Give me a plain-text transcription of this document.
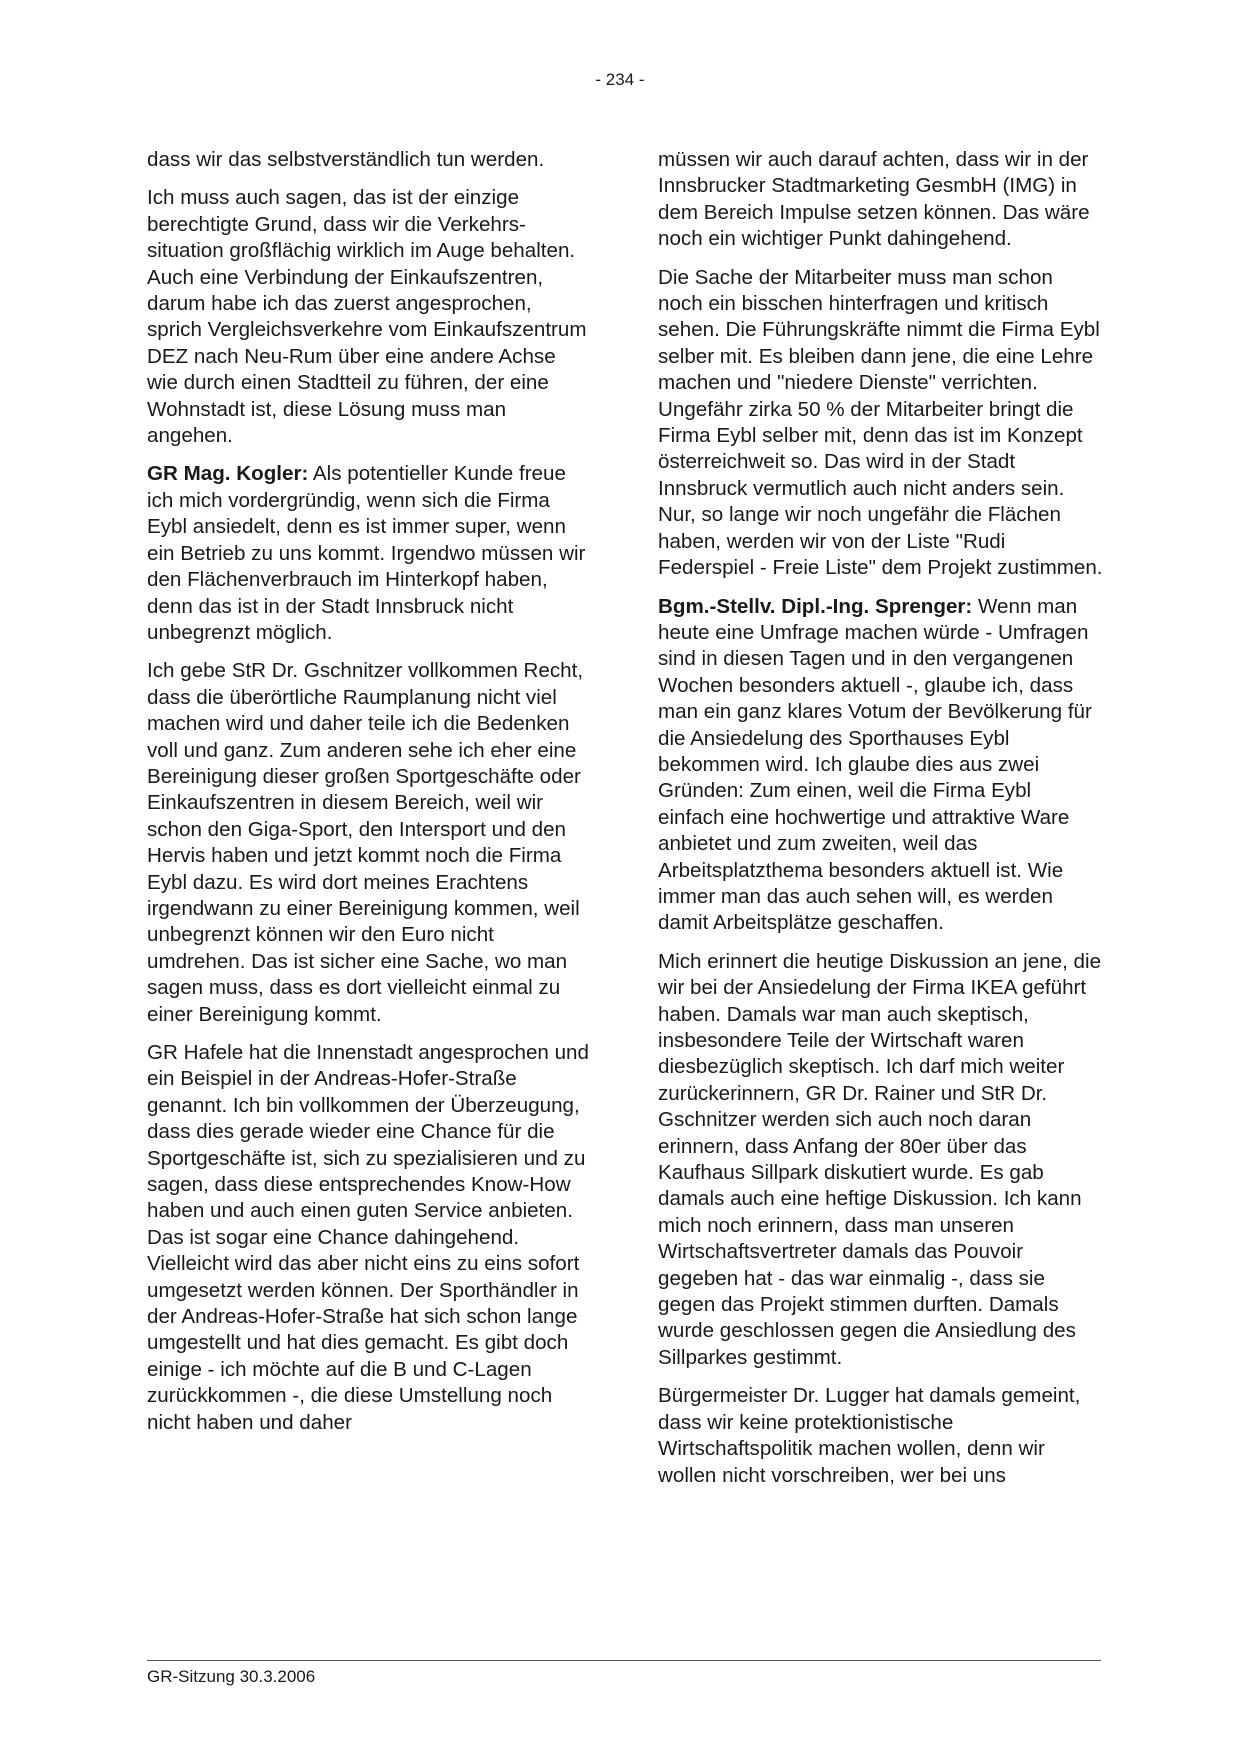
- 234 -

dass wir das selbstverständlich tun werden.

Ich muss auch sagen, das ist der einzige berechtigte Grund, dass wir die Verkehrssituation großflächig wirklich im Auge behalten. Auch eine Verbindung der Einkaufszentren, darum habe ich das zuerst angesprochen, sprich Vergleichsverkehre vom Einkaufszentrum DEZ nach Neu-Rum über eine andere Achse wie durch einen Stadtteil zu führen, der eine Wohnstadt ist, diese Lösung muss man angehen.

GR Mag. Kogler: Als potentieller Kunde freue ich mich vordergründig, wenn sich die Firma Eybl ansiedelt, denn es ist immer super, wenn ein Betrieb zu uns kommt. Irgendwo müssen wir den Flächenverbrauch im Hinterkopf haben, denn das ist in der Stadt Innsbruck nicht unbegrenzt möglich.

Ich gebe StR Dr. Gschnitzer vollkommen Recht, dass die überörtliche Raumplanung nicht viel machen wird und daher teile ich die Bedenken voll und ganz. Zum anderen sehe ich eher eine Bereinigung dieser großen Sportgeschäfte oder Einkaufszentren in diesem Bereich, weil wir schon den Giga-Sport, den Intersport und den Hervis haben und jetzt kommt noch die Firma Eybl dazu. Es wird dort meines Erachtens irgendwann zu einer Bereinigung kommen, weil unbegrenzt können wir den Euro nicht umdrehen. Das ist sicher eine Sache, wo man sagen muss, dass es dort vielleicht einmal zu einer Bereinigung kommt.

GR Hafele hat die Innenstadt angesprochen und ein Beispiel in der Andreas-Hofer-Straße genannt. Ich bin vollkommen der Überzeugung, dass dies gerade wieder eine Chance für die Sportgeschäfte ist, sich zu spezialisieren und zu sagen, dass diese entsprechendes Know-How haben und auch einen guten Service anbieten. Das ist sogar eine Chance dahingehend. Vielleicht wird das aber nicht eins zu eins sofort umgesetzt werden können. Der Sporthändler in der Andreas-Hofer-Straße hat sich schon lange umgestellt und hat dies gemacht. Es gibt doch einige - ich möchte auf die B und C-Lagen zurückkommen -, die diese Umstellung noch nicht haben und daher

müssen wir auch darauf achten, dass wir in der Innsbrucker Stadtmarketing GesmbH (IMG) in dem Bereich Impulse setzen können. Das wäre noch ein wichtiger Punkt dahingehend.

Die Sache der Mitarbeiter muss man schon noch ein bisschen hinterfragen und kritisch sehen. Die Führungskräfte nimmt die Firma Eybl selber mit. Es bleiben dann jene, die eine Lehre machen und "niedere Dienste" verrichten. Ungefähr zirka 50 % der Mitarbeiter bringt die Firma Eybl selber mit, denn das ist im Konzept österreichweit so. Das wird in der Stadt Innsbruck vermutlich auch nicht anders sein. Nur, so lange wir noch ungefähr die Flächen haben, werden wir von der Liste "Rudi Federspiel - Freie Liste" dem Projekt zustimmen.

Bgm.-Stellv. Dipl.-Ing. Sprenger: Wenn man heute eine Umfrage machen würde - Umfragen sind in diesen Tagen und in den vergangenen Wochen besonders aktuell -, glaube ich, dass man ein ganz klares Votum der Bevölkerung für die Ansiedelung des Sporthauses Eybl bekommen wird. Ich glaube dies aus zwei Gründen: Zum einen, weil die Firma Eybl einfach eine hochwertige und attraktive Ware anbietet und zum zweiten, weil das Arbeitsplatzthema besonders aktuell ist. Wie immer man das auch sehen will, es werden damit Arbeitsplätze geschaffen.

Mich erinnert die heutige Diskussion an jene, die wir bei der Ansiedelung der Firma IKEA geführt haben. Damals war man auch skeptisch, insbesondere Teile der Wirtschaft waren diesbezüglich skeptisch. Ich darf mich weiter zurückerinnern, GR Dr. Rainer und StR Dr. Gschnitzer werden sich auch noch daran erinnern, dass Anfang der 80er über das Kaufhaus Sillpark diskutiert wurde. Es gab damals auch eine heftige Diskussion. Ich kann mich noch erinnern, dass man unseren Wirtschaftsvertreter damals das Pouvoir gegeben hat - das war einmalig -, dass sie gegen das Projekt stimmen durften. Damals wurde geschlossen gegen die Ansiedlung des Sillparkes gestimmt.

Bürgermeister Dr. Lugger hat damals gemeint, dass wir keine protektionistische Wirtschaftspolitik machen wollen, denn wir wollen nicht vorschreiben, wer bei uns

GR-Sitzung 30.3.2006
